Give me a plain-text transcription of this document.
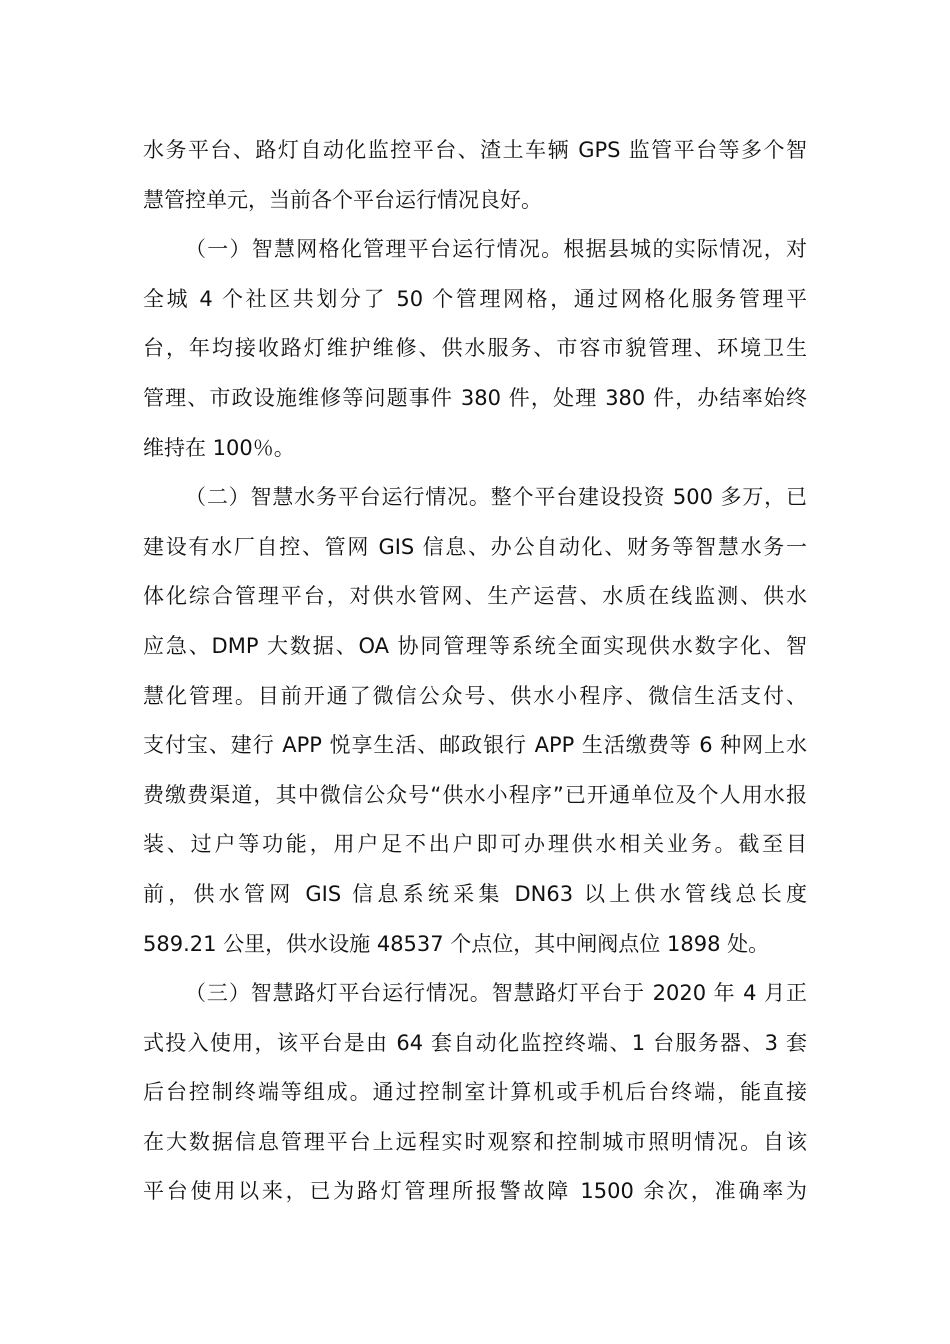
水务平台、路灯自动化监控平台、渣土车辆 GPS 监管平台等多个智
慧管控单元，当前各个平台运行情况良好。
（一）智慧网格化管理平台运行情况。根据县城的实际情况，对
全城 4 个社区共划分了 50 个管理网格，通过网格化服务管理平
台，年均接收路灯维护维修、供水服务、市容市貌管理、环境卫生
管理、市政设施维修等问题事件 380 件，处理 380 件，办结率始终
维持在 100％。
（二）智慧水务平台运行情况。整个平台建设投资 500 多万，已
建设有水厂自控、管网 GIS 信息、办公自动化、财务等智慧水务一
体化综合管理平台，对供水管网、生产运营、水质在线监测、供水
应急、DMP 大数据、OA 协同管理等系统全面实现供水数字化、智
慧化管理。目前开通了微信公众号、供水小程序、微信生活支付、
支付宝、建行 APP 悦享生活、邮政银行 APP 生活缴费等 6 种网上水
费缴费渠道，其中微信公众号“供水小程序”已开通单位及个人用水报
装、过户等功能，用户足不出户即可办理供水相关业务。截至目
前，供水管网 GIS 信息系统采集 DN63 以上供水管线总长度
589.21 公里，供水设施 48537 个点位，其中闸阀点位 1898 处。
（三）智慧路灯平台运行情况。智慧路灯平台于 2020 年 4 月正
式投入使用，该平台是由 64 套自动化监控终端、1 台服务器、3 套
后台控制终端等组成。通过控制室计算机或手机后台终端，能直接
在大数据信息管理平台上远程实时观察和控制城市照明情况。自该
平台使用以来，已为路灯管理所报警故障 1500 余次，准确率为
